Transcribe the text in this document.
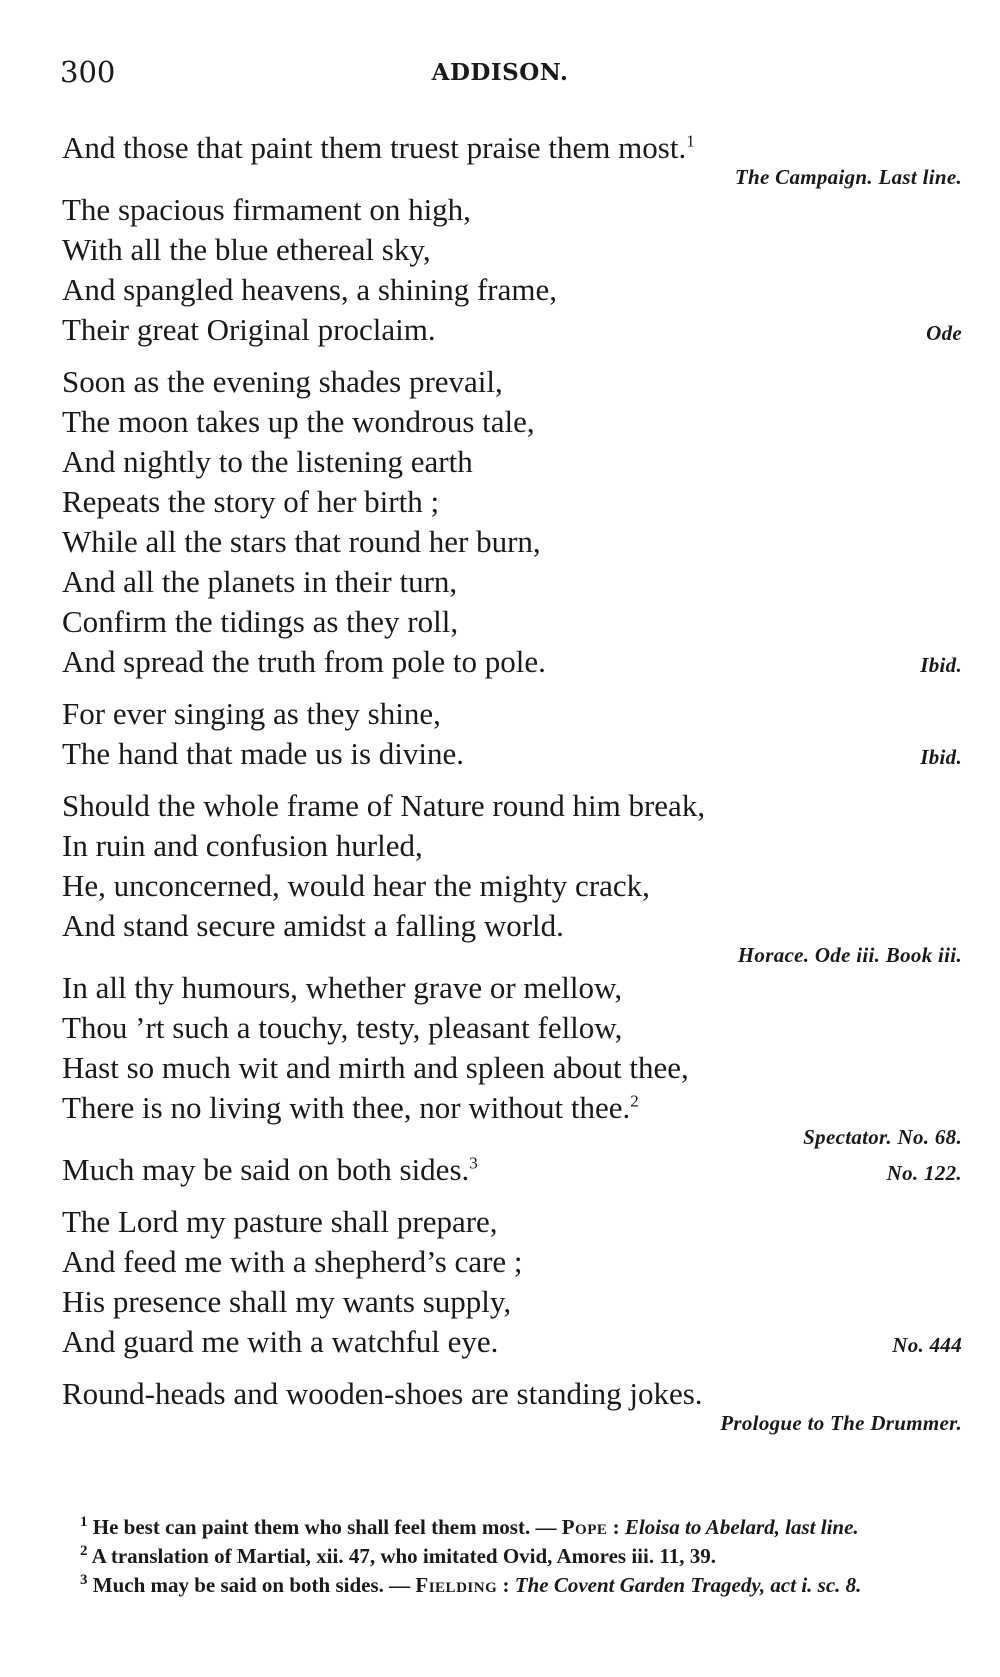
300	ADDISON.
And those that paint them truest praise them most.$^1$
The Campaign. Last line.
The spacious firmament on high,
With all the blue ethereal sky,
And spangled heavens, a shining frame,
Their great Original proclaim.	Ode
Soon as the evening shades prevail,
The moon takes up the wondrous tale,
And nightly to the listening earth
Repeats the story of her birth ;
While all the stars that round her burn,
And all the planets in their turn,
Confirm the tidings as they roll,
And spread the truth from pole to pole.	Ibid.
For ever singing as they shine,
The hand that made us is divine.	Ibid.
Should the whole frame of Nature round him break,
In ruin and confusion hurled,
He, unconcerned, would hear the mighty crack,
And stand secure amidst a falling world.
Horace. Ode iii. Book iii.
In all thy humours, whether grave or mellow,
Thou ’rt such a touchy, testy, pleasant fellow,
Hast so much wit and mirth and spleen about thee,
There is no living with thee, nor without thee.$^2$
Spectator. No. 68.
Much may be said on both sides.$^3$	No. 122.
The Lord my pasture shall prepare,
And feed me with a shepherd’s care ;
His presence shall my wants supply,
And guard me with a watchful eye.	No. 444
Round-heads and wooden-shoes are standing jokes.
Prologue to The Drummer.
$^1$ He best can paint them who shall feel them most. — Pope : Eloisa to Abelard, last line.
$^2$ A translation of Martial, xii. 47, who imitated Ovid, Amores iii. 11, 39.
$^3$ Much may be said on both sides. — Fielding : The Covent Garden Tragedy, act i. sc. 8.
